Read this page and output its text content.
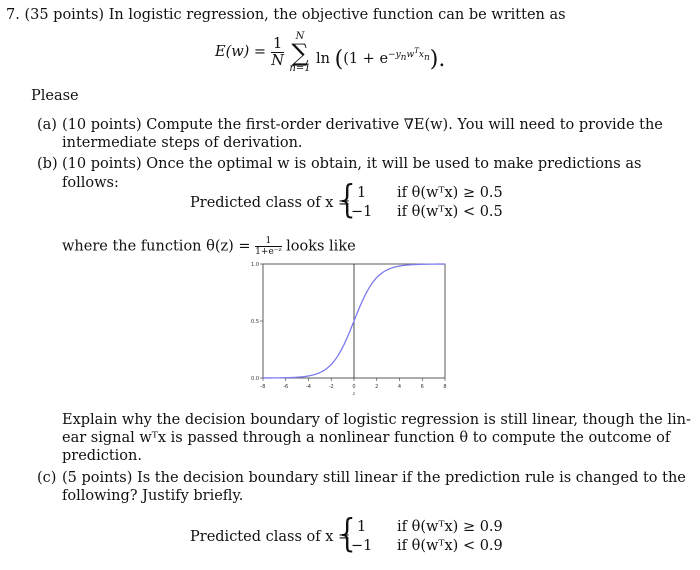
7. (35 points) In logistic regression, the objective function can be written as
$E(w) = \frac{1}{N}$	N
∑
n=1
$\ln ((1 + e^{-ynw^Txn})$.
Please
(a) (10 points) Compute the first-order derivative ∇E(w). You will need to provide the
intermediate steps of derivation.
(b) (10 points) Once the optimal w is obtain, it will be used to make predictions as follows:
Predicted class of x =
{ 1 if θ(wᵀx) ≥ 0.5
−1 if θ(wᵀx) < 0.5
where the function $\theta(z) = \frac{1}{\text{1+e⁻ᶻ}}$ looks like
-8	-6	-4	-2	0	2	4	6	8
0.0
0.5
1.0
z
Explain why the decision boundary of logistic regression is still linear, though the lin-
ear signal wᵀx is passed through a nonlinear function θ to compute the outcome of
prediction.
(c) (5 points) Is the decision boundary still linear if the prediction rule is changed to the
following? Justify briefly.
Predicted class of x =
{ 1 if θ(wᵀx) ≥ 0.9
−1 if θ(wᵀx) < 0.9
